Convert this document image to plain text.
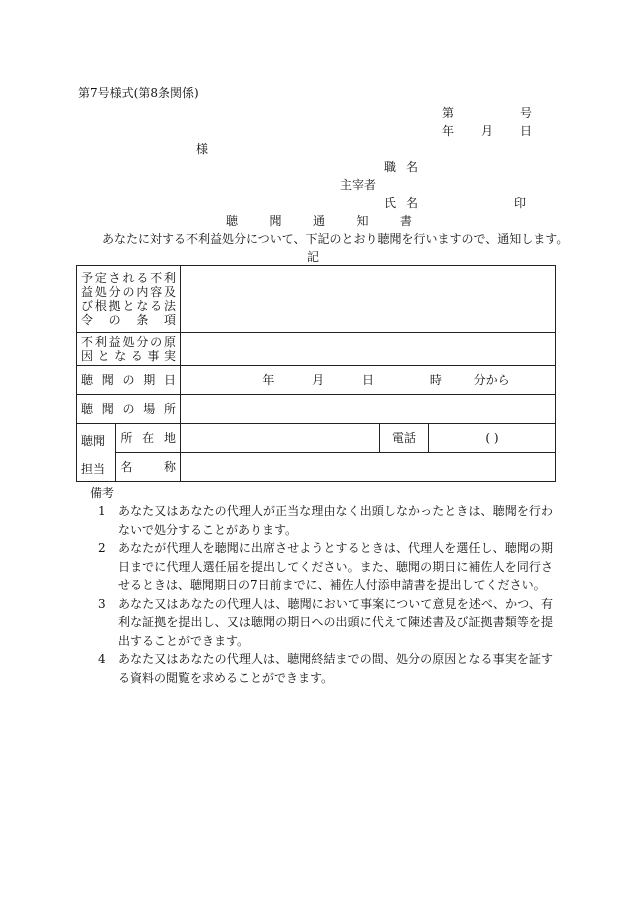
第7号様式(第8条関係)
第	号
年 月 日
様
職名
主宰者
氏名	印
聴	聞	通	知	書
あなたに対する不利益処分について、下記のとおり聴聞を行いますので、通知します。
記
予定される不利益処分の内容及び根拠となる法令の条項				
不利益処分の原因となる事実				
聴聞の期日		年 月 日 時 分から		
聴聞の場所				

聴聞担当	所在地		電話	( )
	名称			
備考
1	あなた又はあなたの代理人が正当な理由なく出頭しなかったときは、聴聞を行わないで処分することがあります。
2	あなたが代理人を聴聞に出席させようとするときは、代理人を選任し、聴聞の期日までに代理人選任届を提出してください。また、聴聞の期日に補佐人を同行させるときは、聴聞期日の7日前までに、補佐人付添申請書を提出してください。
3	あなた又はあなたの代理人は、聴聞において事案について意見を述べ、かつ、有利な証拠を提出し、又は聴聞の期日への出頭に代えて陳述書及び証拠書類等を提出することができます。
4	あなた又はあなたの代理人は、聴聞終結までの間、処分の原因となる事実を証する資料の閲覧を求めることができます。
